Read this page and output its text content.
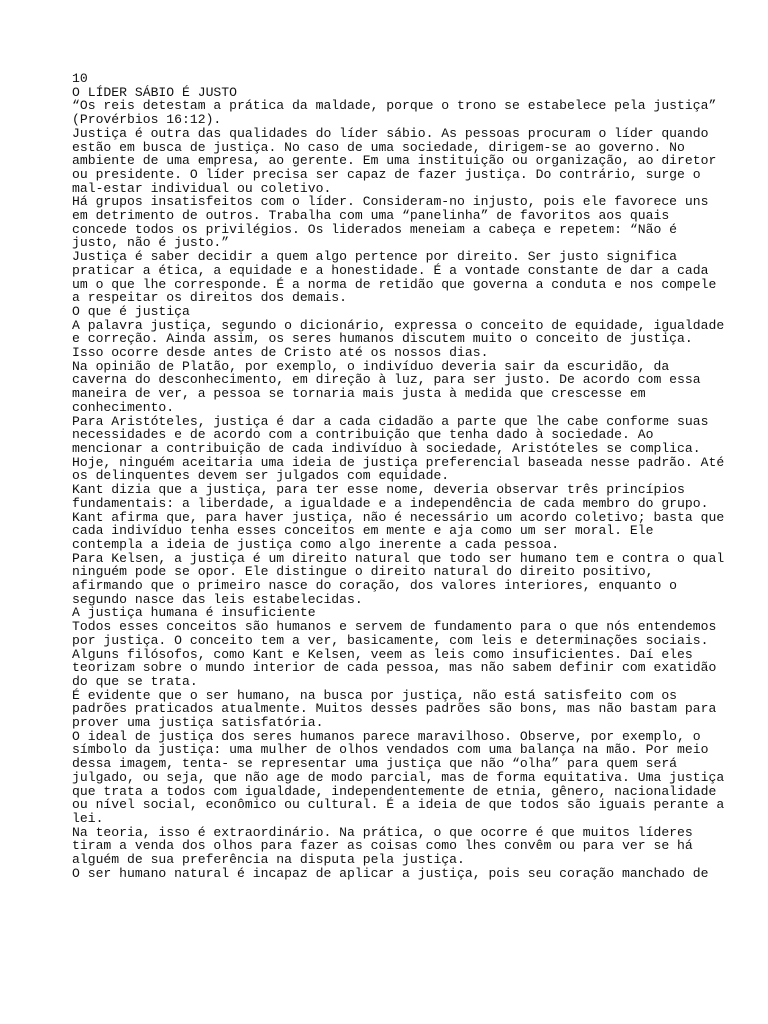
10

O LÍDER SÁBIO É JUSTO

“Os reis detestam a prática da maldade, porque o trono se estabelece pela justiça”

(Provérbios 16:12).

Justiça é outra das qualidades do líder sábio. As pessoas procuram o líder quando

estão em busca de justiça. No caso de uma sociedade, dirigem-se ao governo. No

ambiente de uma empresa, ao gerente. Em uma instituição ou organização, ao diretor

ou presidente. O líder precisa ser capaz de fazer justiça. Do contrário, surge o

mal-estar individual ou coletivo.

Há grupos insatisfeitos com o líder. Consideram-no injusto, pois ele favorece uns

em detrimento de outros. Trabalha com uma “panelinha” de favoritos aos quais

concede todos os privilégios. Os liderados meneiam a cabeça e repetem: “Não é

justo, não é justo.”

Justiça é saber decidir a quem algo pertence por direito. Ser justo significa

praticar a ética, a equidade e a honestidade. É a vontade constante de dar a cada

um o que lhe corresponde. É a norma de retidão que governa a conduta e nos compele

a respeitar os direitos dos demais.

O que é justiça

A palavra justiça, segundo o dicionário, expressa o conceito de equidade, igualdade

e correção. Ainda assim, os seres humanos discutem muito o conceito de justiça.

Isso ocorre desde antes de Cristo até os nossos dias.

Na opinião de Platão, por exemplo, o indivíduo deveria sair da escuridão, da

caverna do desconhecimento, em direção à luz, para ser justo. De acordo com essa

maneira de ver, a pessoa se tornaria mais justa à medida que crescesse em

conhecimento.

Para Aristóteles, justiça é dar a cada cidadão a parte que lhe cabe conforme suas

necessidades e de acordo com a contribuição que tenha dado à sociedade. Ao

mencionar a contribuição de cada indivíduo à sociedade, Aristóteles se complica.

Hoje, ninguém aceitaria uma ideia de justiça preferencial baseada nesse padrão. Até

os delinquentes devem ser julgados com equidade.

Kant dizia que a justiça, para ter esse nome, deveria observar três princípios

fundamentais: a liberdade, a igualdade e a independência de cada membro do grupo.

Kant afirma que, para haver justiça, não é necessário um acordo coletivo; basta que

cada indivíduo tenha esses conceitos em mente e aja como um ser moral. Ele

contempla a ideia de justiça como algo inerente a cada pessoa.

Para Kelsen, a justiça é um direito natural que todo ser humano tem e contra o qual

ninguém pode se opor. Ele distingue o direito natural do direito positivo,

afirmando que o primeiro nasce do coração, dos valores interiores, enquanto o

segundo nasce das leis estabelecidas.

A justiça humana é insuficiente

Todos esses conceitos são humanos e servem de fundamento para o que nós entendemos

por justiça. O conceito tem a ver, basicamente, com leis e determinações sociais.

Alguns filósofos, como Kant e Kelsen, veem as leis como insuficientes. Daí eles

teorizam sobre o mundo interior de cada pessoa, mas não sabem definir com exatidão

do que se trata.

É evidente que o ser humano, na busca por justiça, não está satisfeito com os

padrões praticados atualmente. Muitos desses padrões são bons, mas não bastam para

prover uma justiça satisfatória.

O ideal de justiça dos seres humanos parece maravilhoso. Observe, por exemplo, o

símbolo da justiça: uma mulher de olhos vendados com uma balança na mão. Por meio

dessa imagem, tenta- se representar uma justiça que não “olha” para quem será

julgado, ou seja, que não age de modo parcial, mas de forma equitativa. Uma justiça

que trata a todos com igualdade, independentemente de etnia, gênero, nacionalidade

ou nível social, econômico ou cultural. É a ideia de que todos são iguais perante a

lei.

Na teoria, isso é extraordinário. Na prática, o que ocorre é que muitos líderes

tiram a venda dos olhos para fazer as coisas como lhes convêm ou para ver se há

alguém de sua preferência na disputa pela justiça.

O ser humano natural é incapaz de aplicar a justiça, pois seu coração manchado de
